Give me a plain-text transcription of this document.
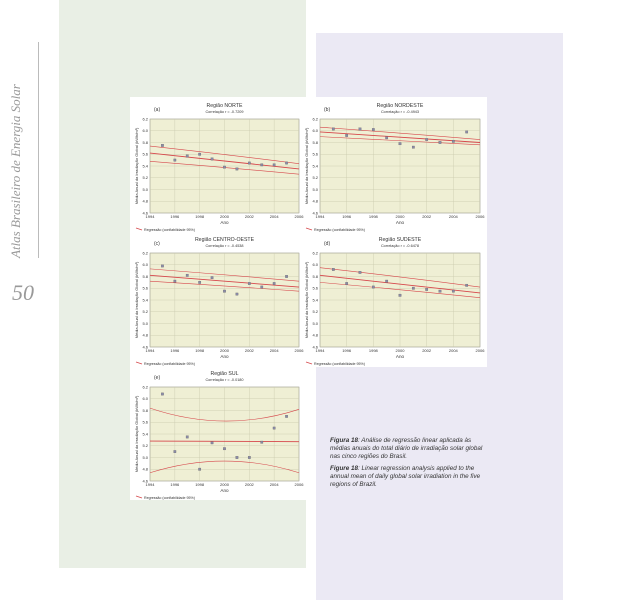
Atlas Brasileiro de Energia Solar
50
Região NORTE
Correlação r = -0.7209
(a)
4.6
4.8
5.0
5.2
5.4
5.6
5.8
6.0
6.2
1994	1996	1998	2000	2002	2004	2006
Ano
Média Anual da Irradiação Global (kWh/m²)
Regressão (confiabilidade 95%)
Região NORDESTE
Correlação r = -0.4943
(b)
4.6
4.8
5.0
5.2
5.4
5.6
5.8
6.0
6.2
1994	1996	1998	2000	2002	2004	2006
Ano
Média Anual da Irradiação Global (kWh/m²)
Regressão (confiabilidade 95%)
Região CENTRO-OESTE
Correlação r = -0.4538
(c)
4.6
4.8
5.0
5.2
5.4
5.6
5.8
6.0
6.2
1994	1996	1998	2000	2002	2004	2006
Ano
Média Anual da Irradiação Global (kWh/m²)
Regressão (confiabilidade 95%)
Região SUDESTE
Correlação r = -0.6478
(d)
4.6
4.8
5.0
5.2
5.4
5.6
5.8
6.0
6.2
1994	1996	1998	2000	2002	2004	2006
Ano
Média Anual da Irradiação Global (kWh/m²)
Regressão (confiabilidade 95%)
Região SUL
Correlação r = -0.0180
(e)
4.6
4.8
5.0
5.2
5.4
5.6
5.8
6.0
6.2
1994	1996	1998	2000	2002	2004	2006
Ano
Média Anual da Irradiação Global (kWh/m²)
Regressão (confiabilidade 95%)

Figura 18: Análise de regressão linear aplicada às médias anuais do total diário de irradiação solar global nas cinco regiões do Brasil.

Figure 18: Linear regression analysis applied to the annual mean of daily global solar irradiation in the five regions of Brazil.
